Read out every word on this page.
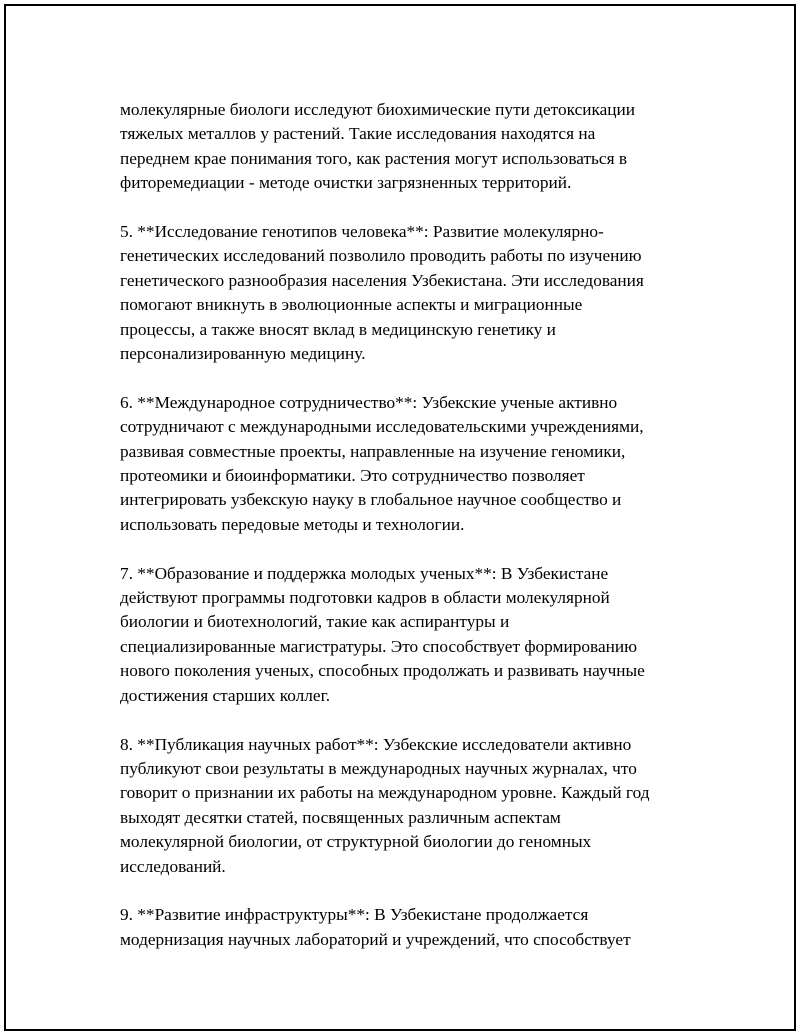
молекулярные биологи исследуют биохимические пути детоксикации
тяжелых металлов у растений. Такие исследования находятся на
переднем крае понимания того, как растения могут использоваться в
фиторемедиации - методе очистки загрязненных территорий.

5. **Исследование генотипов человека**: Развитие молекулярно-
генетических исследований позволило проводить работы по изучению
генетического разнообразия населения Узбекистана. Эти исследования
помогают вникнуть в эволюционные аспекты и миграционные
процессы, а также вносят вклад в медицинскую генетику и
персонализированную медицину.

6. **Международное сотрудничество**: Узбекские ученые активно
сотрудничают с международными исследовательскими учреждениями,
развивая совместные проекты, направленные на изучение геномики,
протеомики и биоинформатики. Это сотрудничество позволяет
интегрировать узбекскую науку в глобальное научное сообщество и
использовать передовые методы и технологии.

7. **Образование и поддержка молодых ученых**: В Узбекистане
действуют программы подготовки кадров в области молекулярной
биологии и биотехнологий, такие как аспирантуры и
специализированные магистратуры. Это способствует формированию
нового поколения ученых, способных продолжать и развивать научные
достижения старших коллег.

8. **Публикация научных работ**: Узбекские исследователи активно
публикуют свои результаты в международных научных журналах, что
говорит о признании их работы на международном уровне. Каждый год
выходят десятки статей, посвященных различным аспектам
молекулярной биологии, от структурной биологии до геномных
исследований.

9. **Развитие инфраструктуры**: В Узбекистане продолжается
модернизация научных лабораторий и учреждений, что способствует
